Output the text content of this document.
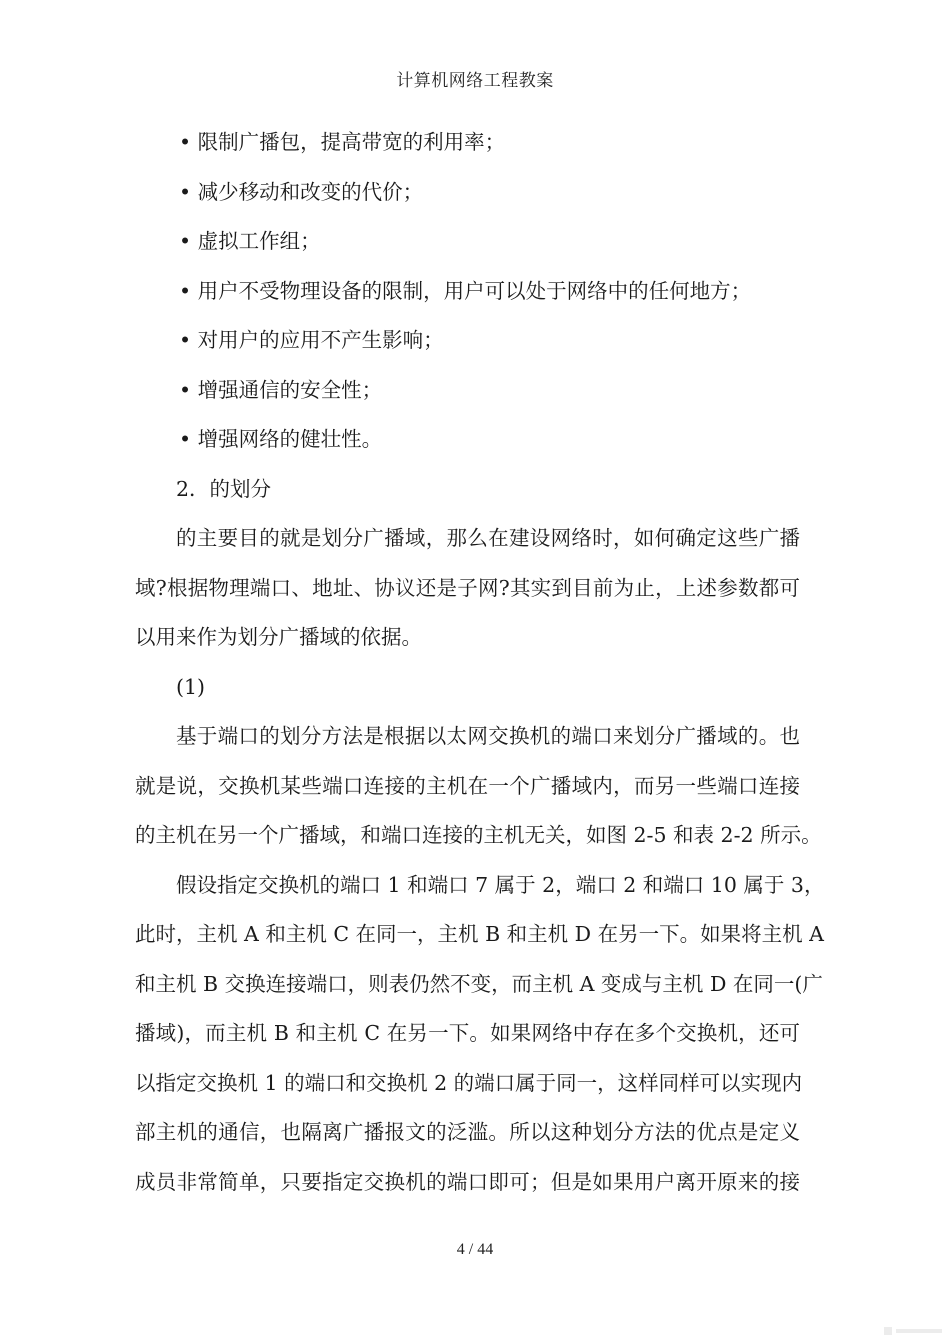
计算机网络工程教案
• 限制广播包，提高带宽的利用率；
• 减少移动和改变的代价；
• 虚拟工作组；
• 用户不受物理设备的限制，用户可以处于网络中的任何地方；
• 对用户的应用不产生影响；
• 增强通信的安全性；
• 增强网络的健壮性。
2．的划分
的主要目的就是划分广播域，那么在建设网络时，如何确定这些广播
域?根据物理端口、地址、协议还是子网?其实到目前为止，上述参数都可
以用来作为划分广播域的依据。
(1)
基于端口的划分方法是根据以太网交换机的端口来划分广播域的。也
就是说，交换机某些端口连接的主机在一个广播域内，而另一些端口连接
的主机在另一个广播域，和端口连接的主机无关，如图 2-5 和表 2-2 所示。
假设指定交换机的端口 1 和端口 7 属于 2，端口 2 和端口 10 属于 3，
此时，主机 A 和主机 C 在同一，主机 B 和主机 D 在另一下。如果将主机 A
和主机 B 交换连接端口，则表仍然不变，而主机 A 变成与主机 D 在同一(广
播域)，而主机 B 和主机 C 在另一下。如果网络中存在多个交换机，还可
以指定交换机 1 的端口和交换机 2 的端口属于同一，这样同样可以实现内
部主机的通信，也隔离广播报文的泛滥。所以这种划分方法的优点是定义
成员非常简单，只要指定交换机的端口即可；但是如果用户离开原来的接
4 / 44
